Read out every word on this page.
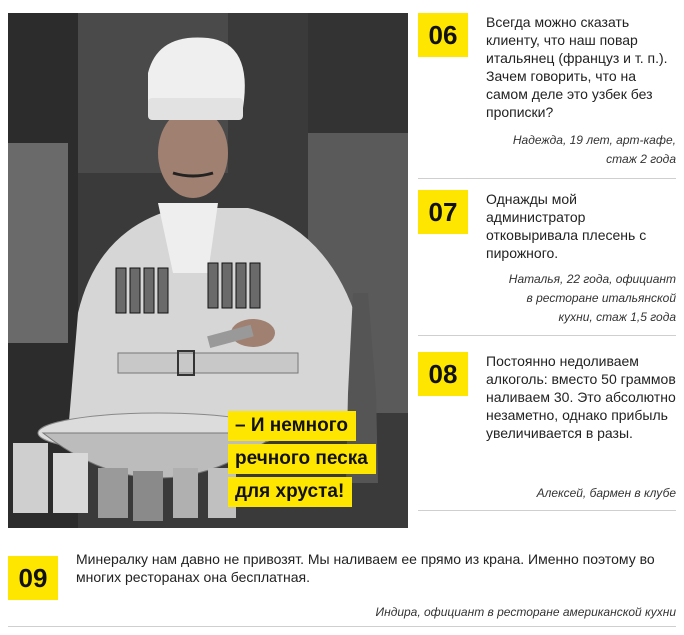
– И немного
речного песка
для хруста!
06	Всегда можно сказать клиенту, что наш повар итальянец (француз и т. п.). Зачем говорить, что на самом деле это узбек без прописки?
Надежда, 19 лет, арт-кафе,
стаж 2 года
07	Однажды мой администратор отковыривала плесень с пирожного.
Наталья, 22 года, официант
в ресторане итальянской
кухни, стаж 1,5 года
08	Постоянно недоливаем алкоголь: вместо 50 граммов наливаем 30. Это абсолютно незаметно, однако прибыль увеличивается в разы.
Алексей, бармен в клубе
09
Минералку нам давно не привозят. Мы наливаем ее прямо из крана. Именно поэтому во многих ресторанах она бесплатная.
Индира, официант в ресторане американской кухни
